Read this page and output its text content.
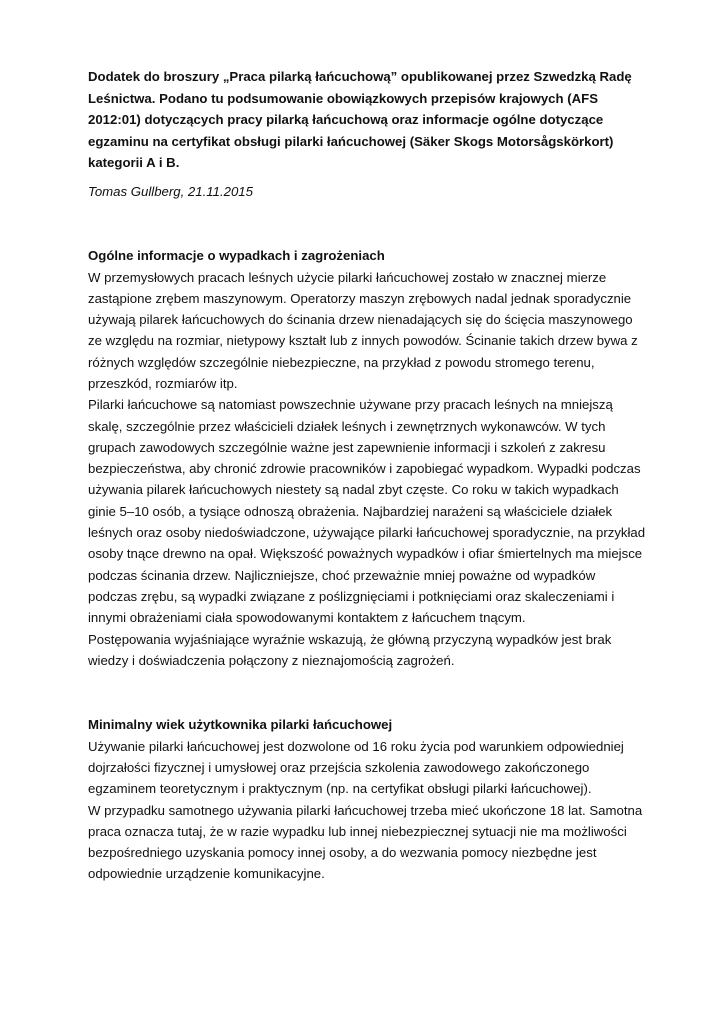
Dodatek do broszury „Praca pilarką łańcuchową” opublikowanej przez Szwedzką Radę Leśnictwa. Podano tu podsumowanie obowiązkowych przepisów krajowych (AFS 2012:01) dotyczących pracy pilarką łańcuchową oraz informacje ogólne dotyczące egzaminu na certyfikat obsługi pilarki łańcuchowej (Säker Skogs Motorsågskörkort) kategorii A i B.

Tomas Gullberg, 21.11.2015

Ogólne informacje o wypadkach i zagrożeniach

W przemysłowych pracach leśnych użycie pilarki łańcuchowej zostało w znacznej mierze zastąpione zrębem maszynowym. Operatorzy maszyn zrębowych nadal jednak sporadycznie używają pilarek łańcuchowych do ścinania drzew nienadających się do ścięcia maszynowego ze względu na rozmiar, nietypowy kształt lub z innych powodów. Ścinanie takich drzew bywa z różnych względów szczególnie niebezpieczne, na przykład z powodu stromego terenu, przeszkód, rozmiarów itp.

Pilarki łańcuchowe są natomiast powszechnie używane przy pracach leśnych na mniejszą skalę, szczególnie przez właścicieli działek leśnych i zewnętrznych wykonawców. W tych grupach zawodowych szczególnie ważne jest zapewnienie informacji i szkoleń z zakresu bezpieczeństwa, aby chronić zdrowie pracowników i zapobiegać wypadkom. Wypadki podczas używania pilarek łańcuchowych niestety są nadal zbyt częste. Co roku w takich wypadkach ginie 5–10 osób, a tysiące odnoszą obrażenia. Najbardziej narażeni są właściciele działek leśnych oraz osoby niedoświadczone, używające pilarki łańcuchowej sporadycznie, na przykład osoby tnące drewno na opał. Większość poważnych wypadków i ofiar śmiertelnych ma miejsce podczas ścinania drzew. Najliczniejsze, choć przeważnie mniej poważne od wypadków podczas zrębu, są wypadki związane z poślizgnięciami i potknięciami oraz skaleczeniami i innymi obrażeniami ciała spowodowanymi kontaktem z łańcuchem tnącym.

Postępowania wyjaśniające wyraźnie wskazują, że główną przyczyną wypadków jest brak wiedzy i doświadczenia połączony z nieznajomością zagrożeń.

Minimalny wiek użytkownika pilarki łańcuchowej

Używanie pilarki łańcuchowej jest dozwolone od 16 roku życia pod warunkiem odpowiedniej dojrzałości fizycznej i umysłowej oraz przejścia szkolenia zawodowego zakończonego egzaminem teoretycznym i praktycznym (np. na certyfikat obsługi pilarki łańcuchowej).

W przypadku samotnego używania pilarki łańcuchowej trzeba mieć ukończone 18 lat. Samotna praca oznacza tutaj, że w razie wypadku lub innej niebezpiecznej sytuacji nie ma możliwości bezpośredniego uzyskania pomocy innej osoby, a do wezwania pomocy niezbędne jest odpowiednie urządzenie komunikacyjne.
